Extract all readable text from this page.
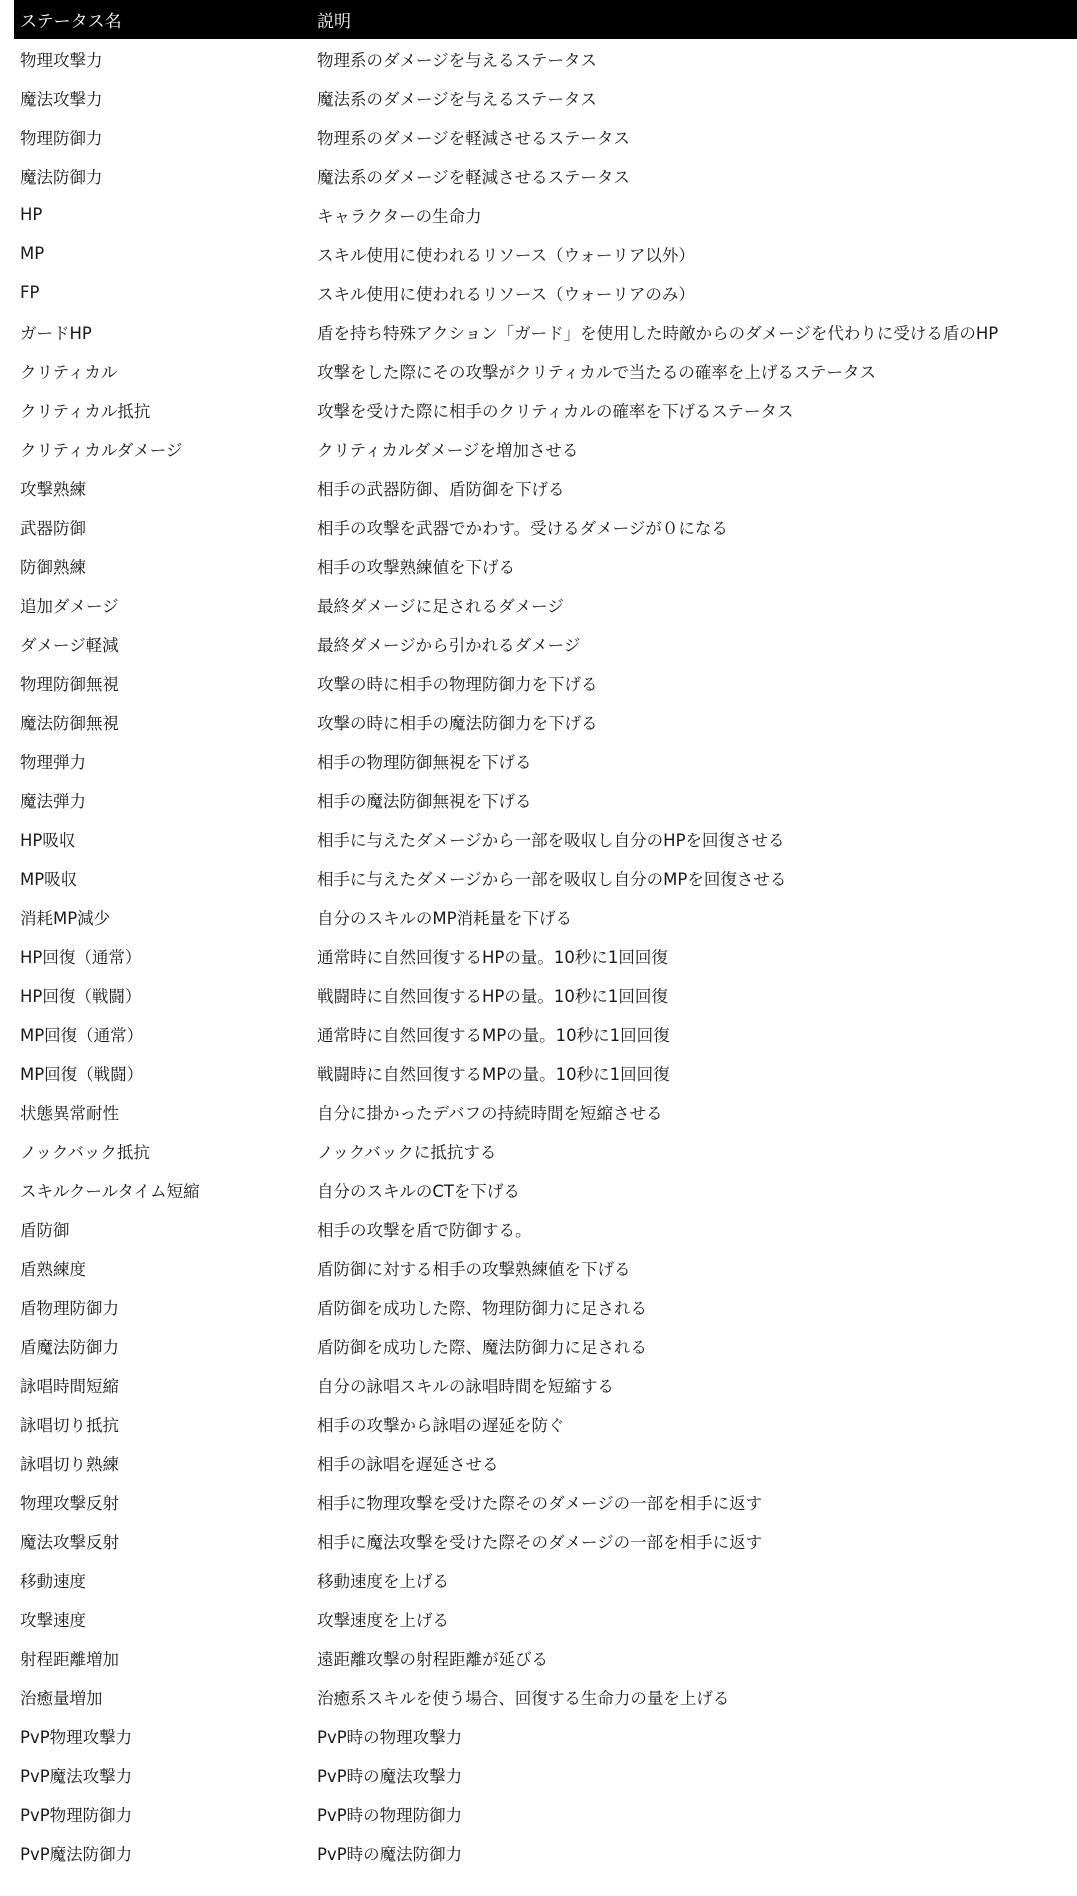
ステータス名	説明
物理攻撃力	物理系のダメージを与えるステータス
魔法攻撃力	魔法系のダメージを与えるステータス
物理防御力	物理系のダメージを軽減させるステータス
魔法防御力	魔法系のダメージを軽減させるステータス
HP	キャラクターの生命力
MP	スキル使用に使われるリソース（ウォーリア以外）
FP	スキル使用に使われるリソース（ウォーリアのみ）
ガードHP	盾を持ち特殊アクション「ガード」を使用した時敵からのダメージを代わりに受ける盾のHP
クリティカル	攻撃をした際にその攻撃がクリティカルで当たるの確率を上げるステータス
クリティカル抵抗	攻撃を受けた際に相手のクリティカルの確率を下げるステータス
クリティカルダメージ	クリティカルダメージを増加させる
攻撃熟練	相手の武器防御、盾防御を下げる
武器防御	相手の攻撃を武器でかわす。受けるダメージが０になる
防御熟練	相手の攻撃熟練値を下げる
追加ダメージ	最終ダメージに足されるダメージ
ダメージ軽減	最終ダメージから引かれるダメージ
物理防御無視	攻撃の時に相手の物理防御力を下げる
魔法防御無視	攻撃の時に相手の魔法防御力を下げる
物理弾力	相手の物理防御無視を下げる
魔法弾力	相手の魔法防御無視を下げる
HP吸収	相手に与えたダメージから一部を吸収し自分のHPを回復させる
MP吸収	相手に与えたダメージから一部を吸収し自分のMPを回復させる
消耗MP減少	自分のスキルのMP消耗量を下げる
HP回復（通常）	通常時に自然回復するHPの量。10秒に1回回復
HP回復（戦闘）	戦闘時に自然回復するHPの量。10秒に1回回復
MP回復（通常）	通常時に自然回復するMPの量。10秒に1回回復
MP回復（戦闘）	戦闘時に自然回復するMPの量。10秒に1回回復
状態異常耐性	自分に掛かったデバフの持続時間を短縮させる
ノックバック抵抗	ノックバックに抵抗する
スキルクールタイム短縮	自分のスキルのCTを下げる
盾防御	相手の攻撃を盾で防御する。
盾熟練度	盾防御に対する相手の攻撃熟練値を下げる
盾物理防御力	盾防御を成功した際、物理防御力に足される
盾魔法防御力	盾防御を成功した際、魔法防御力に足される
詠唱時間短縮	自分の詠唱スキルの詠唱時間を短縮する
詠唱切り抵抗	相手の攻撃から詠唱の遅延を防ぐ
詠唱切り熟練	相手の詠唱を遅延させる
物理攻撃反射	相手に物理攻撃を受けた際そのダメージの一部を相手に返す
魔法攻撃反射	相手に魔法攻撃を受けた際そのダメージの一部を相手に返す
移動速度	移動速度を上げる
攻撃速度	攻撃速度を上げる
射程距離増加	遠距離攻撃の射程距離が延びる
治癒量増加	治癒系スキルを使う場合、回復する生命力の量を上げる
PvP物理攻撃力	PvP時の物理攻撃力
PvP魔法攻撃力	PvP時の魔法攻撃力
PvP物理防御力	PvP時の物理防御力
PvP魔法防御力	PvP時の魔法防御力
